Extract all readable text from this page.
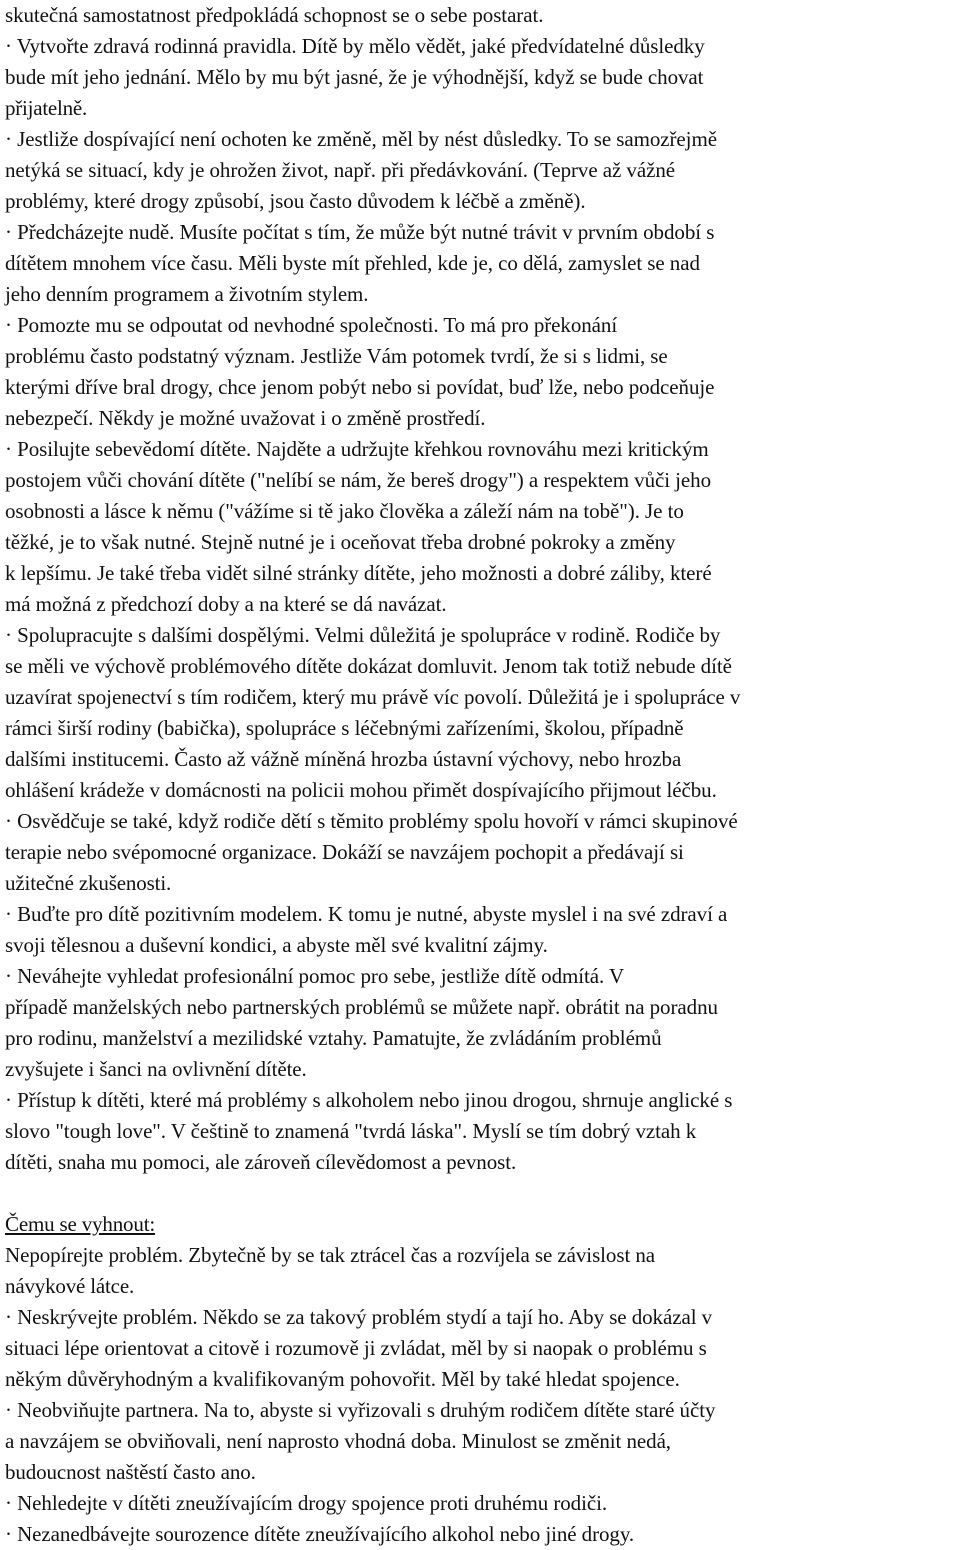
skutečná samostatnost předpokládá schopnost se o sebe postarat.
· Vytvořte zdravá rodinná pravidla. Dítě by mělo vědět, jaké předvídatelné důsledky
bude mít jeho jednání. Mělo by mu být jasné, že je výhodnější, když se bude chovat
přijatelně.
· Jestliže dospívající není ochoten ke změně, měl by nést důsledky. To se samozřejmě
netýká se situací, kdy je ohrožen život, např. při předávkování. (Teprve až vážné
problémy, které drogy způsobí, jsou často důvodem k léčbě a změně).
· Předcházejte nudě. Musíte počítat s tím, že může být nutné trávit v prvním období s
dítětem mnohem více času. Měli byste mít přehled, kde je, co dělá, zamyslet se nad
jeho denním programem a životním stylem.
· Pomozte mu se odpoutat od nevhodné společnosti. To má pro překonání
problému často podstatný význam. Jestliže Vám potomek tvrdí, že si s lidmi, se
kterými dříve bral drogy, chce jenom pobýt nebo si povídat, buď lže, nebo podceňuje
nebezpečí. Někdy je možné uvažovat i o změně prostředí.
· Posilujte sebevědomí dítěte. Najděte a udržujte křehkou rovnováhu mezi kritickým
postojem vůči chování dítěte ("nelíbí se nám, že bereš drogy") a respektem vůči jeho
osobnosti a lásce k němu ("vážíme si tě jako člověka a záleží nám na tobě"). Je to
těžké, je to však nutné. Stejně nutné je i oceňovat třeba drobné pokroky a změny
k lepšímu. Je také třeba vidět silné stránky dítěte, jeho možnosti a dobré záliby, které
má možná z předchozí doby a na které se dá navázat.
· Spolupracujte s dalšími dospělými. Velmi důležitá je spolupráce v rodině. Rodiče by
se měli ve výchově problémového dítěte dokázat domluvit. Jenom tak totiž nebude dítě
uzavírat spojenectví s tím rodičem, který mu právě víc povolí. Důležitá je i spolupráce v
rámci širší rodiny (babička), spolupráce s léčebnými zařízeními, školou, případně
dalšími institucemi. Často až vážně míněná hrozba ústavní výchovy, nebo hrozba
ohlášení krádeže v domácnosti na policii mohou přimět dospívajícího přijmout léčbu.
· Osvědčuje se také, když rodiče dětí s těmito problémy spolu hovoří v rámci skupinové
terapie nebo svépomocné organizace. Dokáží se navzájem pochopit a předávají si
užitečné zkušenosti.
· Buďte pro dítě pozitivním modelem. K tomu je nutné, abyste myslel i na své zdraví a
svoji tělesnou a duševní kondici, a abyste měl své kvalitní zájmy.
· Neváhejte vyhledat profesionální pomoc pro sebe, jestliže dítě odmítá. V
případě manželských nebo partnerských problémů se můžete např. obrátit na poradnu
pro rodinu, manželství a mezilidské vztahy. Pamatujte, že zvládáním problémů
zvyšujete i šanci na ovlivnění dítěte.
· Přístup k dítěti, které má problémy s alkoholem nebo jinou drogou, shrnuje anglické s
slovo "tough love". V češtině to znamená "tvrdá láska". Myslí se tím dobrý vztah k
dítěti, snaha mu pomoci, ale zároveň cílevědomost a pevnost.
Čemu se vyhnout:
Nepopírejte problém. Zbytečně by se tak ztrácel čas a rozvíjela se závislost na
návykové látce.
· Neskrývejte problém. Někdo se za takový problém stydí a tají ho. Aby se dokázal v
situaci lépe orientovat a citově i rozumově ji zvládat, měl by si naopak o problému s
někým důvěryhodným a kvalifikovaným pohovořit. Měl by také hledat spojence.
· Neobviňujte partnera. Na to, abyste si vyřizovali s druhým rodičem dítěte staré účty
a navzájem se obviňovali, není naprosto vhodná doba. Minulost se změnit nedá,
budoucnost naštěstí často ano.
· Nehledejte v dítěti zneužívajícím drogy spojence proti druhému rodiči.
· Nezanedbávejte sourozence dítěte zneužívajícího alkohol nebo jiné drogy.
